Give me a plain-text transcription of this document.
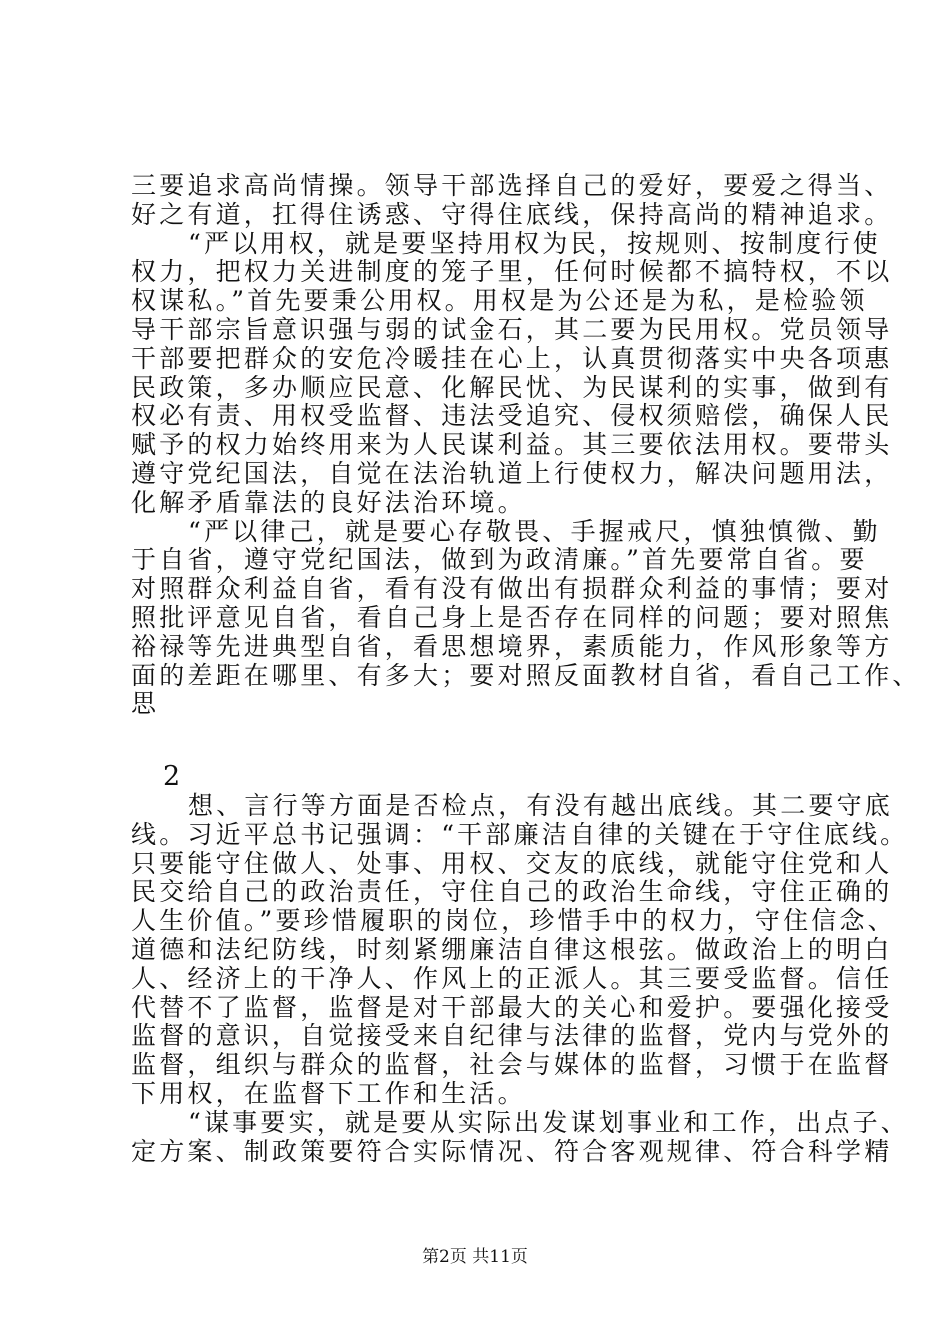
2
第2页 共11页
三要追求高尚情操。领导干部选择自己的爱好，要爱之得当、
好之有道，扛得住诱惑、守得住底线，保持高尚的精神追求。
“严以用权，就是要坚持用权为民，按规则、按制度行使
权力，把权力关进制度的笼子里，任何时候都不搞特权，不以
权谋私。”首先要秉公用权。用权是为公还是为私，是检验领
导干部宗旨意识强与弱的试金石，其二要为民用权。党员领导
干部要把群众的安危冷暖挂在心上，认真贯彻落实中央各项惠
民政策，多办顺应民意、化解民忧、为民谋利的实事，做到有
权必有责、用权受监督、违法受追究、侵权须赔偿，确保人民
赋予的权力始终用来为人民谋利益。其三要依法用权。要带头
遵守党纪国法，自觉在法治轨道上行使权力，解决问题用法，
化解矛盾靠法的良好法治环境。
“严以律己，就是要心存敬畏、手握戒尺，慎独慎微、勤
于自省，遵守党纪国法，做到为政清廉。”首先要常自省。要
对照群众利益自省，看有没有做出有损群众利益的事情；要对
照批评意见自省，看自己身上是否存在同样的问题；要对照焦
裕禄等先进典型自省，看思想境界，素质能力，作风形象等方
面的差距在哪里、有多大；要对照反面教材自省，看自己工作、
思
想、言行等方面是否检点，有没有越出底线。其二要守底
线。习近平总书记强调：“干部廉洁自律的关键在于守住底线。
只要能守住做人、处事、用权、交友的底线，就能守住党和人
民交给自己的政治责任，守住自己的政治生命线，守住正确的
人生价值。”要珍惜履职的岗位，珍惜手中的权力，守住信念、
道德和法纪防线，时刻紧绷廉洁自律这根弦。做政治上的明白
人、经济上的干净人、作风上的正派人。其三要受监督。信任
代替不了监督，监督是对干部最大的关心和爱护。要强化接受
监督的意识，自觉接受来自纪律与法律的监督，党内与党外的
监督，组织与群众的监督，社会与媒体的监督，习惯于在监督
下用权，在监督下工作和生活。
“谋事要实，就是要从实际出发谋划事业和工作，出点子、
定方案、制政策要符合实际情况、符合客观规律、符合科学精
